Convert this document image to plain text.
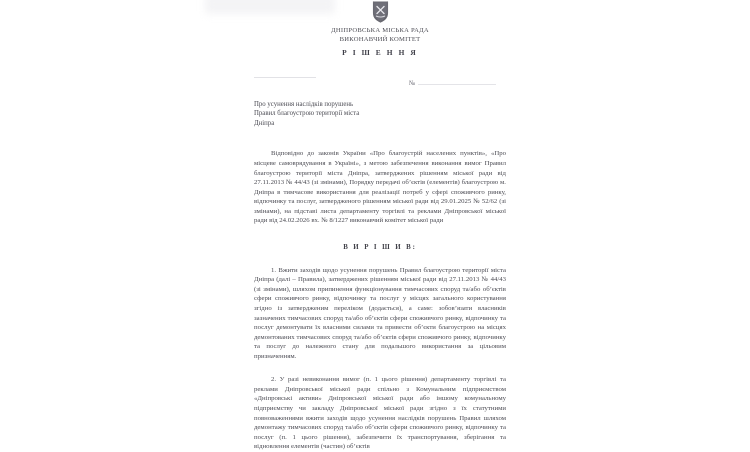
ДНІПРОВСЬКА МІСЬКА РАДА
ВИКОНАВЧИЙ КОМІТЕТ
Р І Ш Е Н Н Я
№
Про усунення наслідків порушень
Правил благоустрою території міста
Дніпра

Відповідно до законів України «Про благоустрій населених пунктів», «Про місцеве самоврядування в Україні», з метою забезпечення виконання вимог Правил благоустрою території міста Дніпра, затверджених рішенням міської ради від 27.11.2013 № 44/43 (зі змінами), Порядку передачі об’єктів (елементів) благоустрою м. Дніпра в тимчасове використання для реалізації потреб у сфері споживчого ринку, відпочинку та послуг, затвердженого рішенням міської ради від 29.01.2025 № 52/62 (зі змінами), на підставі листа департаменту торгівлі та реклами Дніпровської міської ради від 24.02.2026 вх. № 8/1227 виконавчий комітет міської ради

В И Р І Ш И В:

1. Вжити заходів щодо усунення порушень Правил благоустрою території міста Дніпра (далі – Правила), затверджених рішенням міської ради від 27.11.2013 № 44/43 (зі змінами), шляхом припинення функціонування тимчасових споруд та/або об’єктів сфери споживчого ринку, відпочинку та послуг у місцях загального користування згідно із затвердженим переліком (додається), а саме: зобов’язати власників зазначених тимчасових споруд та/або об’єктів сфери споживчого ринку, відпочинку та послуг демонтувати їх власними силами та привести об’єкти благоустрою на місцях демонтованих тимчасових споруд та/або об’єктів сфери споживчого ринку, відпочинку та послуг до належного стану для подальшого використання за цільовим призначенням.

2. У разі невиконання вимог (п. 1 цього рішення) департаменту торгівлі та реклами Дніпровської міської ради спільно з Комунальним підприємством «Дніпровські активи» Дніпровської міської ради або іншому комунальному підприємству чи закладу Дніпровської міської ради згідно з їх статутними повноваженнями вжити заходів щодо усунення наслідків порушень Правил шляхом демонтажу тимчасових споруд та/або об’єктів сфери споживчого ринку, відпочинку та послуг (п. 1 цього рішення), забезпечити їх транспортування, зберігання та відновлення елементів (частин) об’єктів
